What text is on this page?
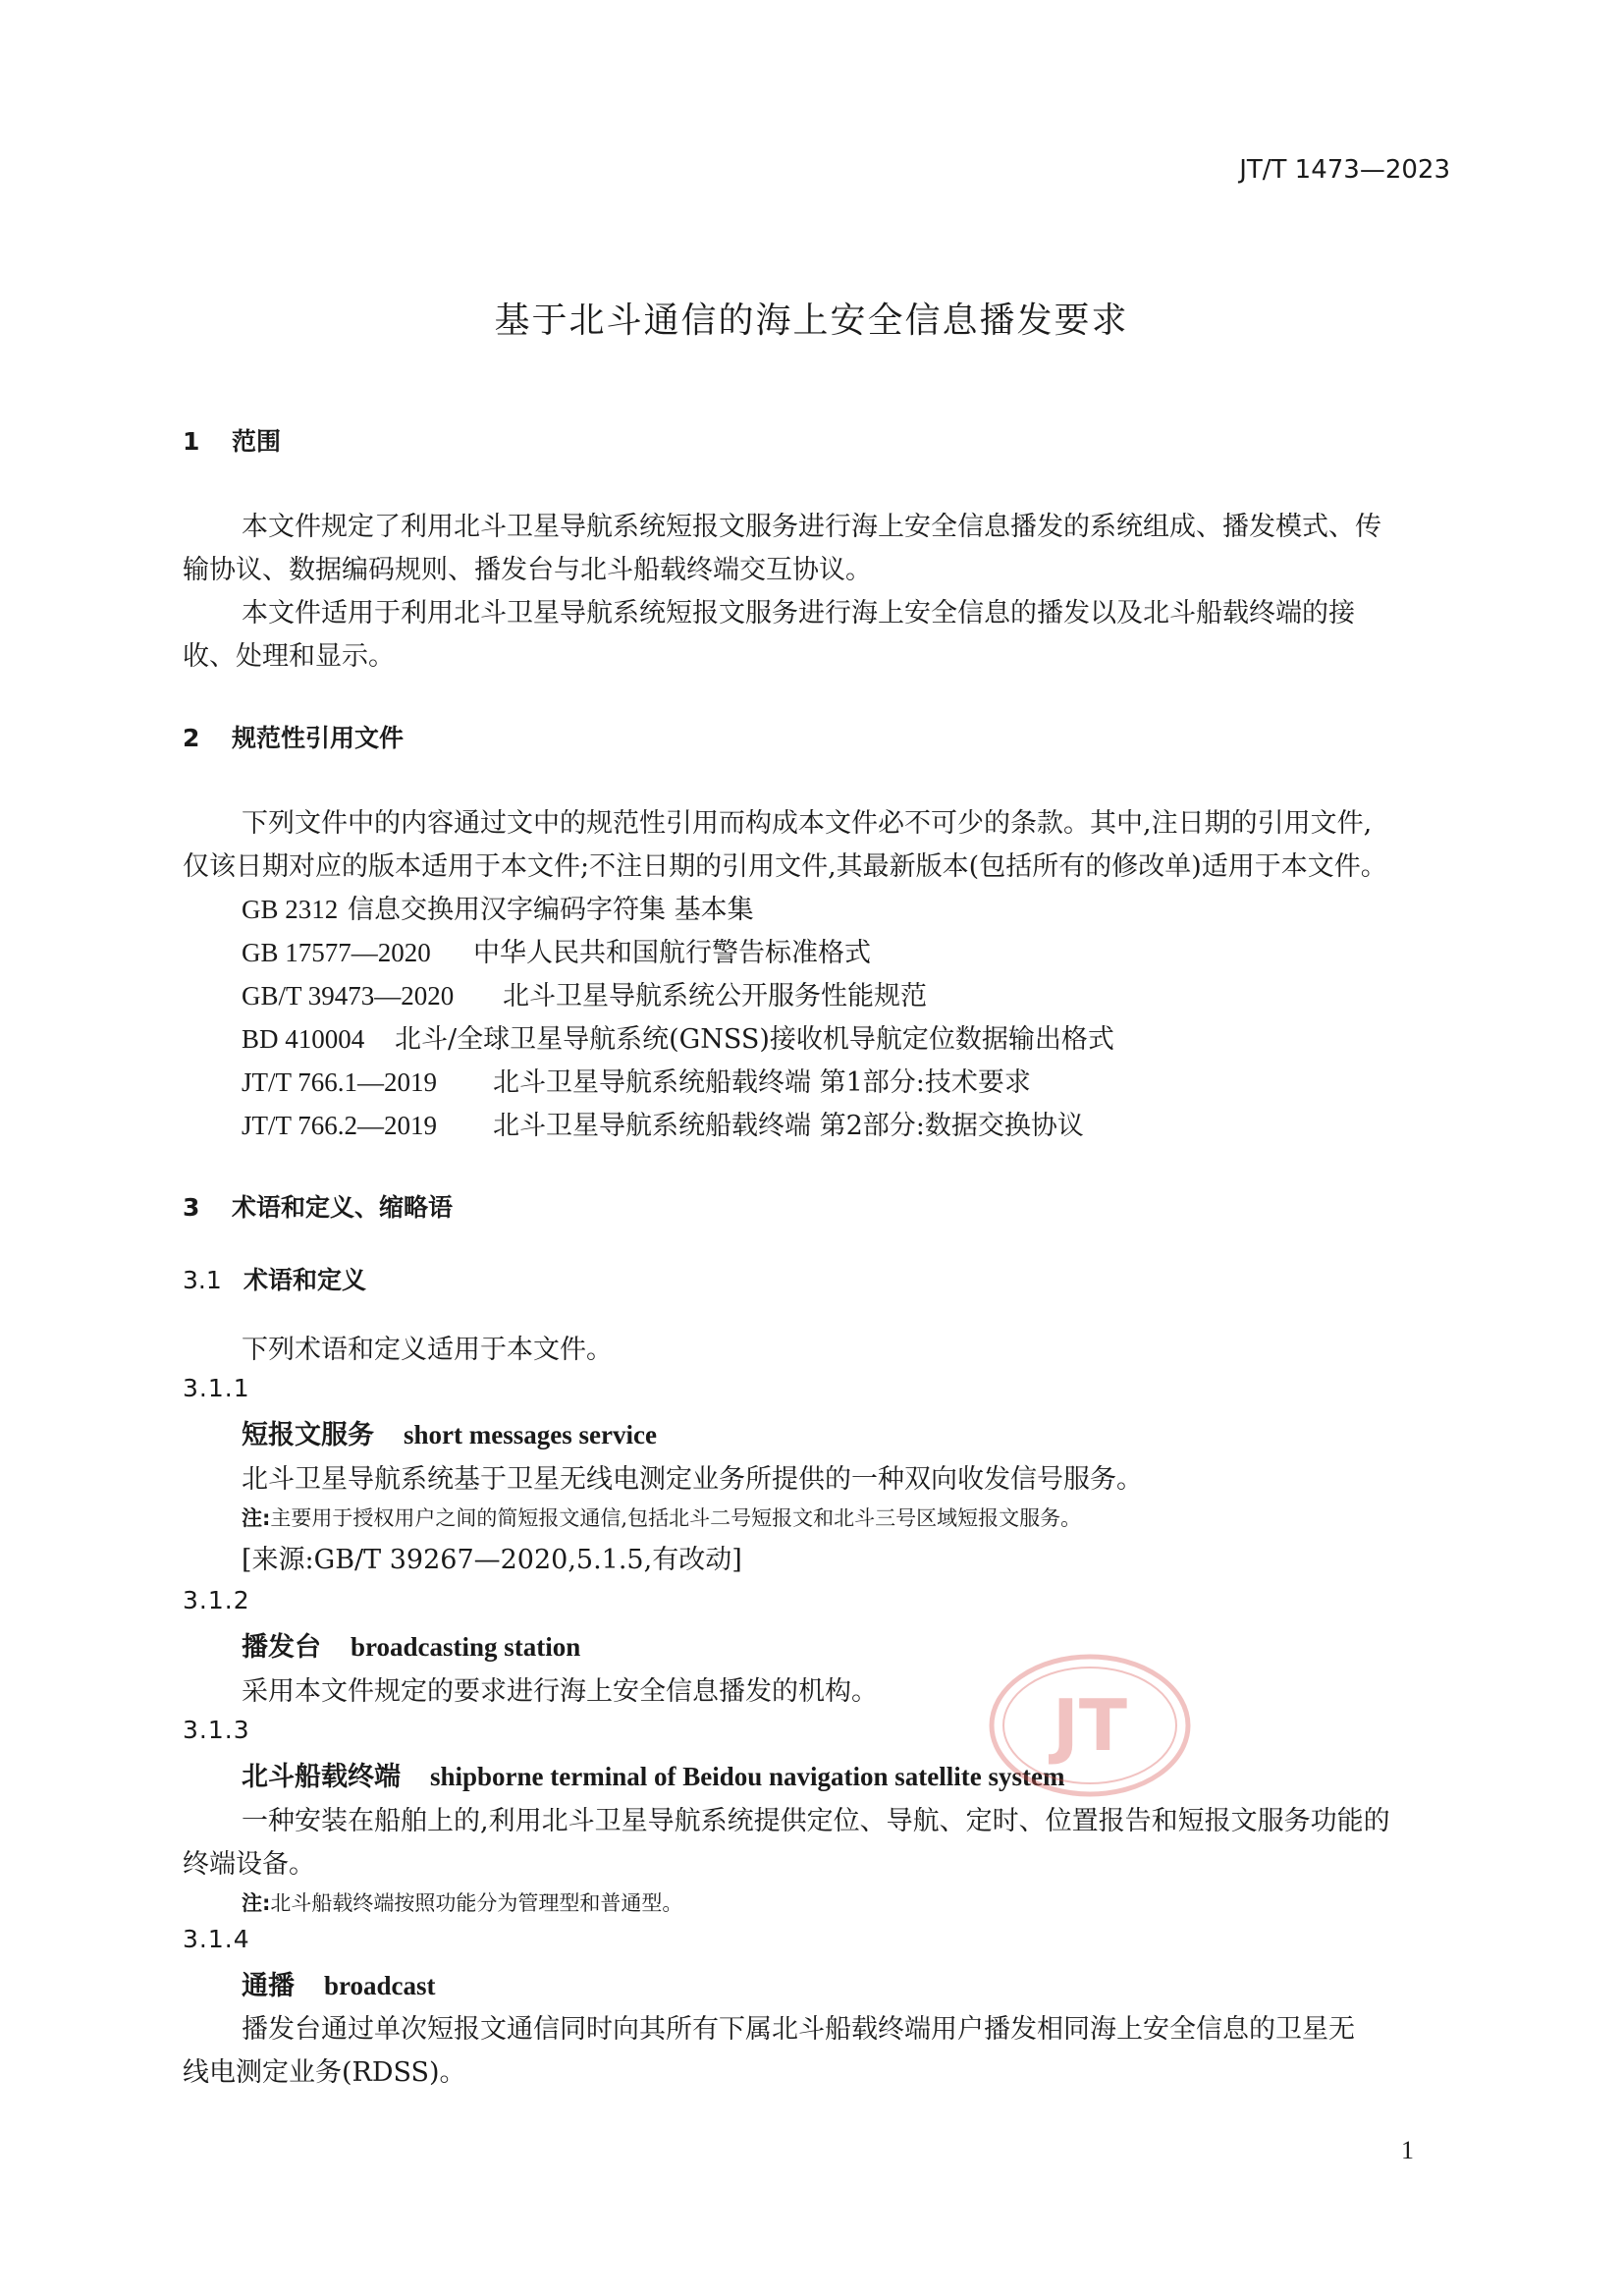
JT/T 1473—2023
基于北斗通信的海上安全信息播发要求
1 范围
本文件规定了利用北斗卫星导航系统短报文服务进行海上安全信息播发的系统组成、播发模式、传
输协议、数据编码规则、播发台与北斗船载终端交互协议。
本文件适用于利用北斗卫星导航系统短报文服务进行海上安全信息的播发以及北斗船载终端的接
收、处理和显示。
2 规范性引用文件
下列文件中的内容通过文中的规范性引用而构成本文件必不可少的条款。其中,注日期的引用文件,
仅该日期对应的版本适用于本文件;不注日期的引用文件,其最新版本(包括所有的修改单)适用于本文件。
GB 2312 信息交换用汉字编码字符集 基本集
GB 17577—2020 中华人民共和国航行警告标准格式
GB/T 39473—2020 北斗卫星导航系统公开服务性能规范
BD 410004 北斗/全球卫星导航系统(GNSS)接收机导航定位数据输出格式
JT/T 766.1—2019 北斗卫星导航系统船载终端 第1部分:技术要求
JT/T 766.2—2019 北斗卫星导航系统船载终端 第2部分:数据交换协议
3 术语和定义、缩略语
3.1 术语和定义
下列术语和定义适用于本文件。
3.1.1
短报文服务 short messages service
北斗卫星导航系统基于卫星无线电测定业务所提供的一种双向收发信号服务。
注:主要用于授权用户之间的简短报文通信,包括北斗二号短报文和北斗三号区域短报文服务。
[来源:GB/T 39267—2020,5.1.5,有改动]
3.1.2
播发台 broadcasting station
采用本文件规定的要求进行海上安全信息播发的机构。
3.1.3
北斗船载终端 shipborne terminal of Beidou navigation satellite system
一种安装在船舶上的,利用北斗卫星导航系统提供定位、导航、定时、位置报告和短报文服务功能的
终端设备。
注:北斗船载终端按照功能分为管理型和普通型。
3.1.4
通播 broadcast
播发台通过单次短报文通信同时向其所有下属北斗船载终端用户播发相同海上安全信息的卫星无
线电测定业务(RDSS)。
JT
1
